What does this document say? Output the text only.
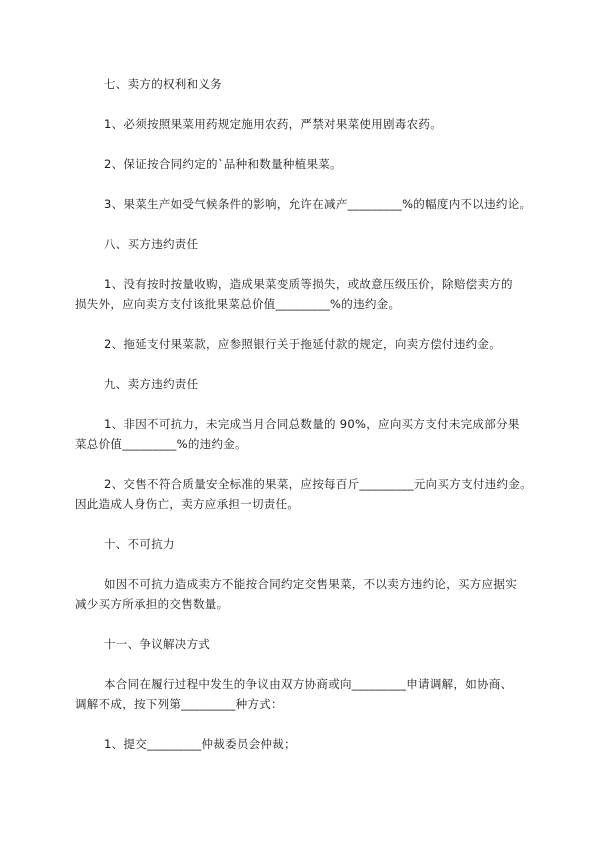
七、卖方的权利和义务
1、必须按照果菜用药规定施用农药，严禁对果菜使用剧毒农药。
2、保证按合同约定的`品种和数量种植果菜。
3、果菜生产如受气候条件的影响，允许在减产_________%的幅度内不以违约论。
八、买方违约责任
1、没有按时按量收购，造成果菜变质等损失，或故意压级压价，除赔偿卖方的
损失外，应向卖方支付该批果菜总价值_________%的违约金。
2、拖延支付果菜款，应参照银行关于拖延付款的规定，向卖方偿付违约金。
九、卖方违约责任
1、非因不可抗力，未完成当月合同总数量的 90%，应向买方支付未完成部分果
菜总价值_________%的违约金。
2、交售不符合质量安全标准的果菜，应按每百斤_________元向买方支付违约金。
因此造成人身伤亡，卖方应承担一切责任。
十、不可抗力
如因不可抗力造成卖方不能按合同约定交售果菜，不以卖方违约论，买方应据实
减少买方所承担的交售数量。
十一、争议解决方式
本合同在履行过程中发生的争议由双方协商或向_________申请调解，如协商、
调解不成，按下列第_________种方式：
1、提交_________仲裁委员会仲裁；
